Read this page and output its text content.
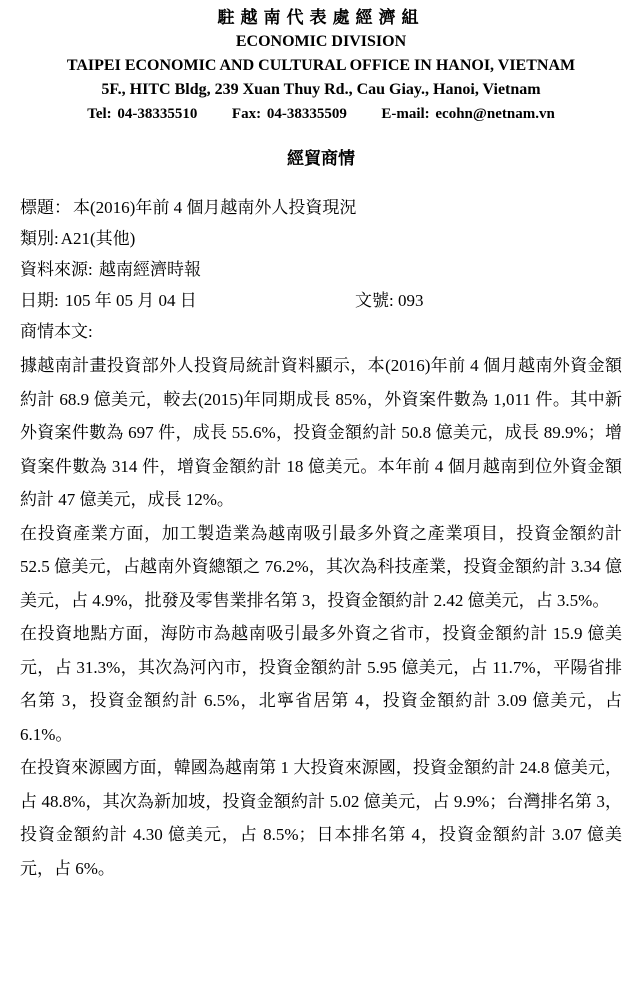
駐越南代表處經濟組
ECONOMIC DIVISION
TAIPEI ECONOMIC AND CULTURAL OFFICE IN HANOI, VIETNAM
5F., HITC Bldg, 239 Xuan Thuy Rd., Cau Giay., Hanoi, Vietnam
Tel: 04-38335510 Fax: 04-38335509 E-mail: ecohn@netnam.vn
經貿商情
標題： 本(2016)年前 4 個月越南外人投資現況
類別: A21(其他)
資料來源: 越南經濟時報
日期: 105 年 05 月 04 日	文號: 093
商情本文:

據越南計畫投資部外人投資局統計資料顯示，本(2016)年前 4 個月越南外資金額約計 68.9 億美元，較去(2015)年同期成長 85%，外資案件數為 1,011 件。其中新外資案件數為 697 件，成長 55.6%，投資金額約計 50.8 億美元，成長 89.9%；增資案件數為 314 件，增資金額約計 18 億美元。本年前 4 個月越南到位外資金額約計 47 億美元，成長 12%。

在投資產業方面，加工製造業為越南吸引最多外資之產業項目，投資金額約計 52.5 億美元，占越南外資總額之 76.2%，其次為科技產業，投資金額約計 3.34 億美元，占 4.9%，批發及零售業排名第 3，投資金額約計 2.42 億美元，占 3.5%。

在投資地點方面，海防市為越南吸引最多外資之省市，投資金額約計 15.9 億美元，占 31.3%，其次為河內市，投資金額約計 5.95 億美元，占 11.7%，平陽省排名第 3，投資金額約計 6.5%，北寧省居第 4，投資金額約計 3.09 億美元，占 6.1%。

在投資來源國方面，韓國為越南第 1 大投資來源國，投資金額約計 24.8 億美元，占 48.8%，其次為新加坡，投資金額約計 5.02 億美元，占 9.9%；台灣排名第 3，投資金額約計 4.30 億美元，占 8.5%；日本排名第 4，投資金額約計 3.07 億美元，占 6%。
